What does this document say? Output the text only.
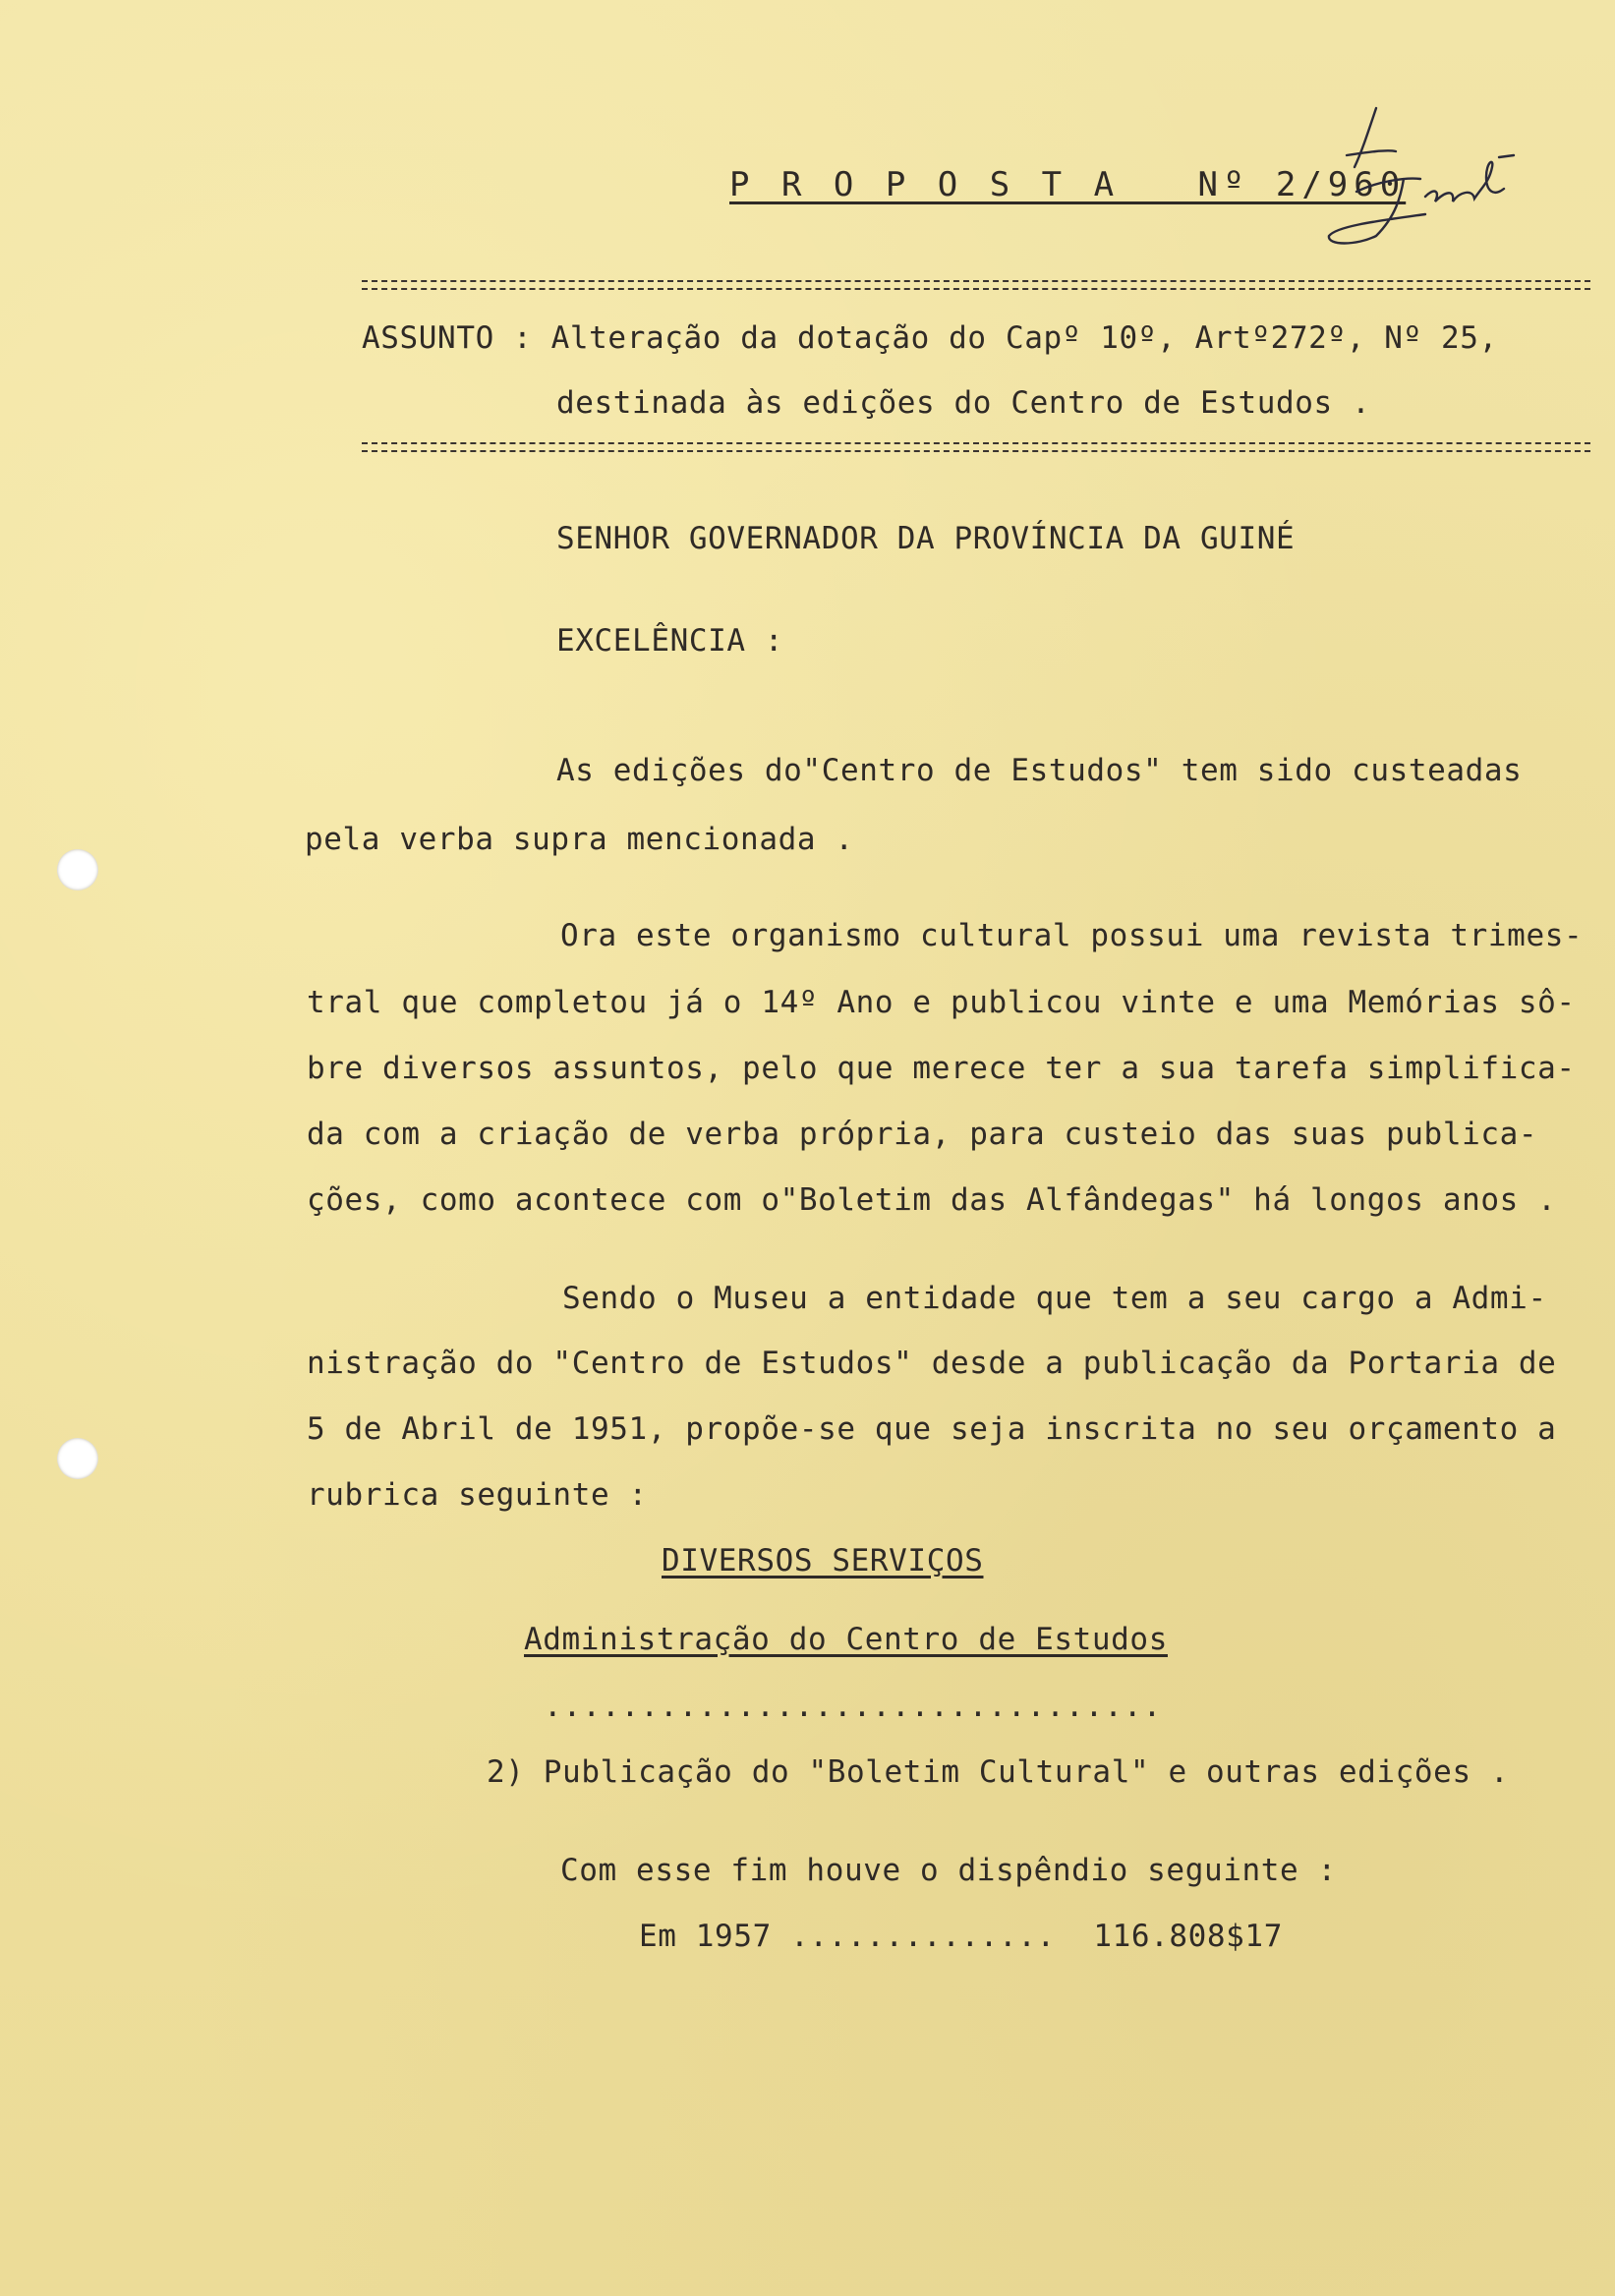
P R O P O S T A   Nº 2/960
ASSUNTO : Alteração da dotação do Capº 10º, Artº272º, Nº 25,
destinada às edições do Centro de Estudos .
SENHOR GOVERNADOR DA PROVÍNCIA DA GUINÉ
EXCELÊNCIA :
As edições do"Centro de Estudos" tem sido custeadas
pela verba supra mencionada .
Ora este organismo cultural possui uma revista trimes-
tral que completou já o 14º Ano e publicou vinte e uma Memórias sô-
bre diversos assuntos, pelo que merece ter a sua tarefa simplifica-
da com a criação de verba própria, para custeio das suas publica-
ções, como acontece com o"Boletim das Alfândegas" há longos anos .
Sendo o Museu a entidade que tem a seu cargo a Admi-
nistração do "Centro de Estudos" desde a publicação da Portaria de
5 de Abril de 1951, propõe-se que seja inscrita no seu orçamento a
rubrica seguinte :
DIVERSOS SERVIÇOS
Administração do Centro de Estudos
................................
2) Publicação do "Boletim Cultural" e outras edições .
Com esse fim houve o dispêndio seguinte :
Em 1957 ..............  116.808$17
